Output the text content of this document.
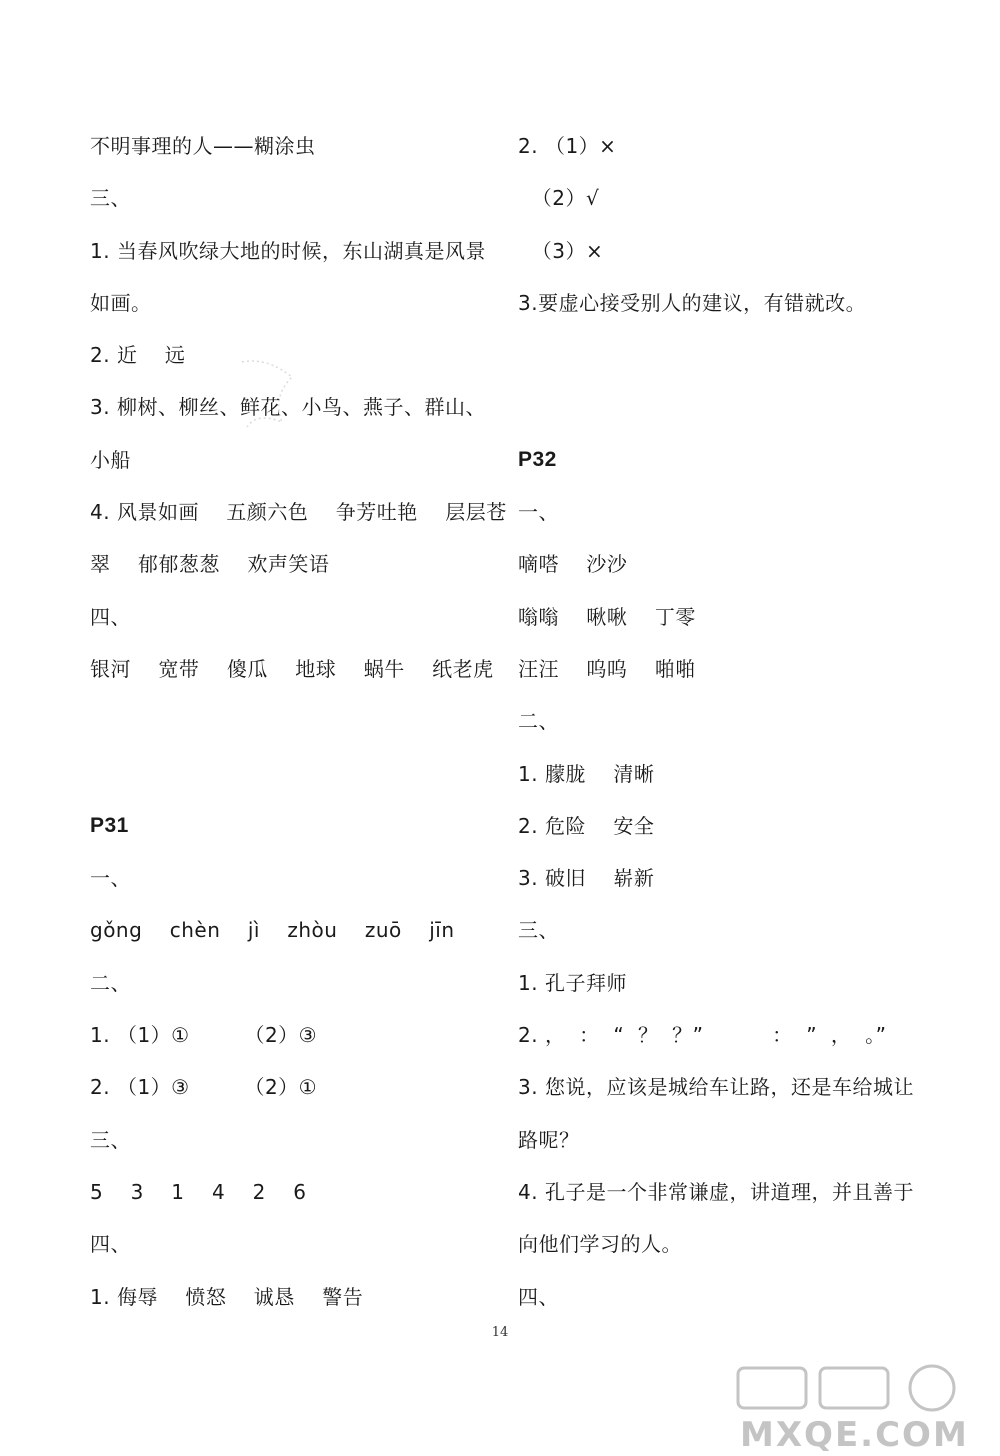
不明事理的人——糊涂虫
三、
1. 当春风吹绿大地的时候，东山湖真是风景
如画。
2. 近    远
3. 柳树、柳丝、鲜花、小鸟、燕子、群山、
小船
4. 风景如画    五颜六色    争芳吐艳    层层苍
翠    郁郁葱葱    欢声笑语
四、
银河    宽带    傻瓜    地球    蜗牛    纸老虎
P31
一、
gǒng    chèn    jì    zhòu    zuō    jīn
二、
1. （1）①        （2）③
2. （1）③        （2）①
三、
5    3    1    4    2    6
四、
1. 侮辱    愤怒    诚恳    警告
2. （1）×
（2）√
（3）×
3.要虚心接受别人的建议，有错就改。
P32
一、
嘀嗒    沙沙
嗡嗡    啾啾    丁零
汪汪    呜呜    啪啪
二、
1. 朦胧    清晰
2. 危险    安全
3. 破旧    崭新
三、
1. 孔子拜师
2. ，  ：  “  ？  ？”          ：  ”  ，  。”
3. 您说，应该是城给车让路，还是车给城让
路呢？
4. 孔子是一个非常谦虚，讲道理，并且善于
向他们学习的人。
四、
14
MXQE.COM
